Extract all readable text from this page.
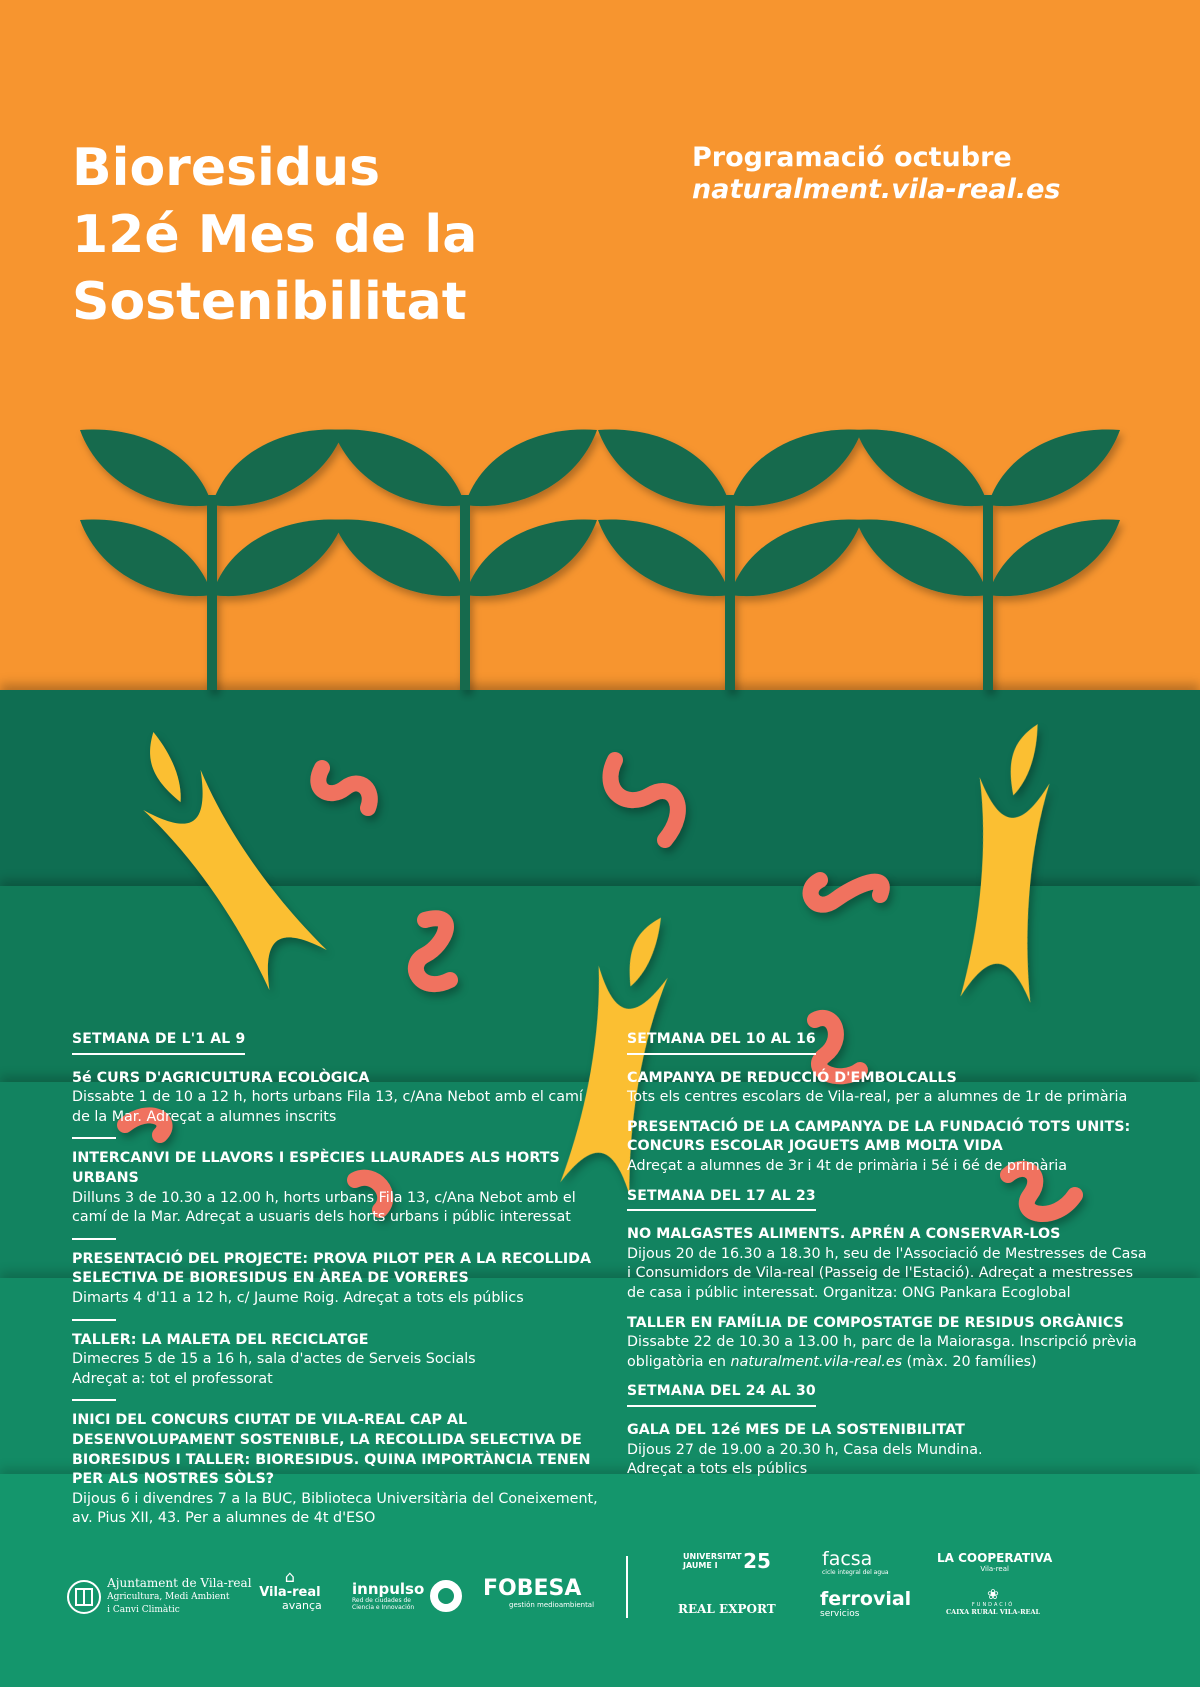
Bioresidus
12é Mes de la
Sostenibilitat
Programació octubre
naturalment.vila-real.es
SETMANA DE L'1 AL 9
5é CURS D'AGRICULTURA ECOLÒGICA
Dissabte 1 de 10 a 12 h, horts urbans Fila 13, c/Ana Nebot amb el camí de la Mar. Adreçat a alumnes inscrits
INTERCANVI DE LLAVORS I ESPÈCIES LLAURADES ALS HORTS URBANS
Dilluns 3 de 10.30 a 12.00 h, horts urbans Fila 13, c/Ana Nebot amb el camí de la Mar. Adreçat a usuaris dels horts urbans i públic interessat
PRESENTACIÓ DEL PROJECTE: PROVA PILOT PER A LA RECOLLIDA SELECTIVA DE BIORESIDUS EN ÀREA DE VORERES
Dimarts 4 d'11 a 12 h, c/ Jaume Roig. Adreçat a tots els públics
TALLER: LA MALETA DEL RECICLATGE
Dimecres 5 de 15 a 16 h, sala d'actes de Serveis Socials
Adreçat a: tot el professorat
INICI DEL CONCURS CIUTAT DE VILA-REAL CAP AL DESENVOLUPAMENT SOSTENIBLE, LA RECOLLIDA SELECTIVA DE BIORESIDUS I TALLER: BIORESIDUS. QUINA IMPORTÀNCIA TENEN PER ALS NOSTRES SÒLS?
Dijous 6 i divendres 7 a la BUC, Biblioteca Universitària del Coneixement, av. Pius XII, 43. Per a alumnes de 4t d'ESO
SETMANA DEL 10 AL 16
CAMPANYA DE REDUCCIÓ D'EMBOLCALLS
Tots els centres escolars de Vila-real, per a alumnes de 1r de primària
PRESENTACIÓ DE LA CAMPANYA DE LA FUNDACIÓ TOTS UNITS: CONCURS ESCOLAR JOGUETS AMB MOLTA VIDA
Adreçat a alumnes de 3r i 4t de primària i 5é i 6é de primària
SETMANA DEL 17 AL 23
NO MALGASTES ALIMENTS. APRÉN A CONSERVAR-LOS
Dijous 20 de 16.30 a 18.30 h, seu de l'Associació de Mestresses de Casa i Consumidors de Vila-real (Passeig de l'Estació). Adreçat a mestresses de casa i públic interessat. Organitza: ONG Pankara Ecoglobal
TALLER EN FAMÍLIA DE COMPOSTATGE DE RESIDUS ORGÀNICS
Dissabte 22 de 10.30 a 13.00 h, parc de la Maiorasga. Inscripció prèvia obligatòria en naturalment.vila-real.es (màx. 20 famílies)
SETMANA DEL 24 AL 30
GALA DEL 12é MES DE LA SOSTENIBILITAT
Dijous 27 de 19.00 a 20.30 h, Casa dels Mundina.
Adreçat a tots els públics
Ajuntament de Vila-real
Agricultura, Medi Ambient
i Canvi Climàtic
⌂
Vila-real
avança
innpulso
Red de ciudades de Ciencia e Innovación

FOBESA
gestión medioambiental
UNIVERSITAT JAUME I 25	facsa
cicle integral del agua
LA COOPERATIVA
Vila-real
REAL EXPORT ferrovial
servicios
❀
FUNDACIÓ
CAIXA RURAL VILA-REAL
